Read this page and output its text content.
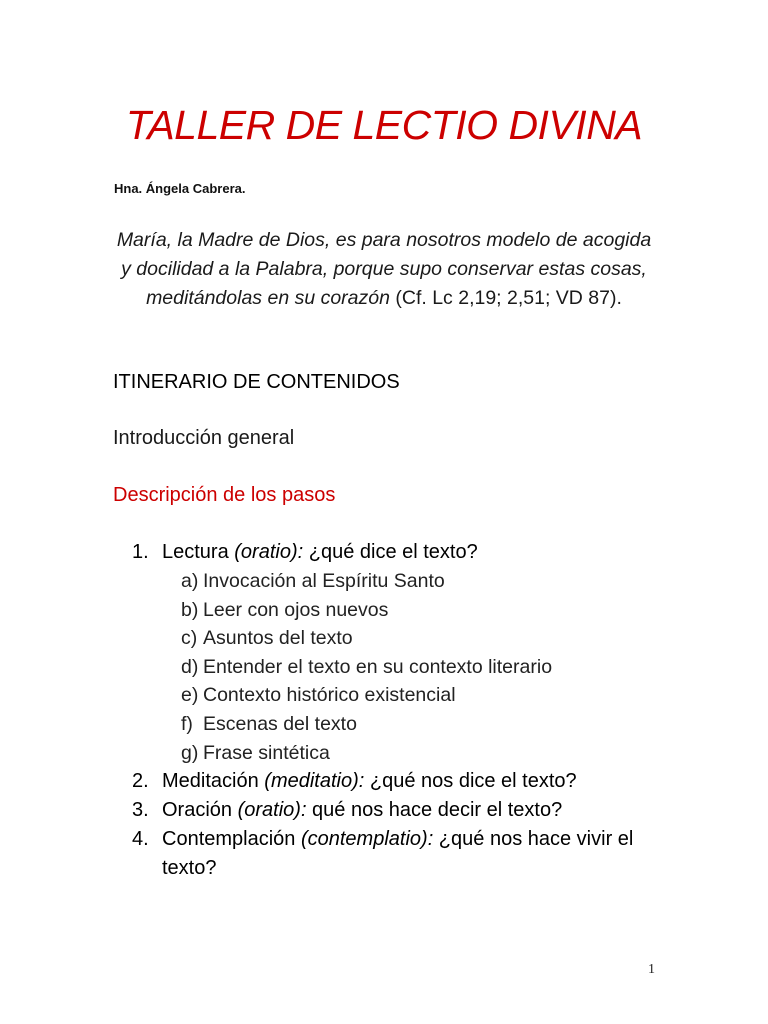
TALLER DE LECTIO DIVINA
Hna. Ángela Cabrera.
María, la Madre de Dios, es para nosotros modelo de acogida y docilidad a la Palabra, porque supo conservar estas cosas, meditándolas en su corazón (Cf. Lc 2,19; 2,51; VD 87).
ITINERARIO DE CONTENIDOS
Introducción general
Descripción de los pasos
1. Lectura (oratio): ¿qué dice el texto?
a) Invocación al Espíritu Santo
b) Leer con ojos nuevos
c) Asuntos del texto
d) Entender el texto en su contexto literario
e) Contexto histórico existencial
f) Escenas del texto
g) Frase sintética
2. Meditación (meditatio): ¿qué nos dice el texto?
3. Oración (oratio): qué nos hace decir el texto?
4. Contemplación (contemplatio): ¿qué nos hace vivir el
texto?
1
